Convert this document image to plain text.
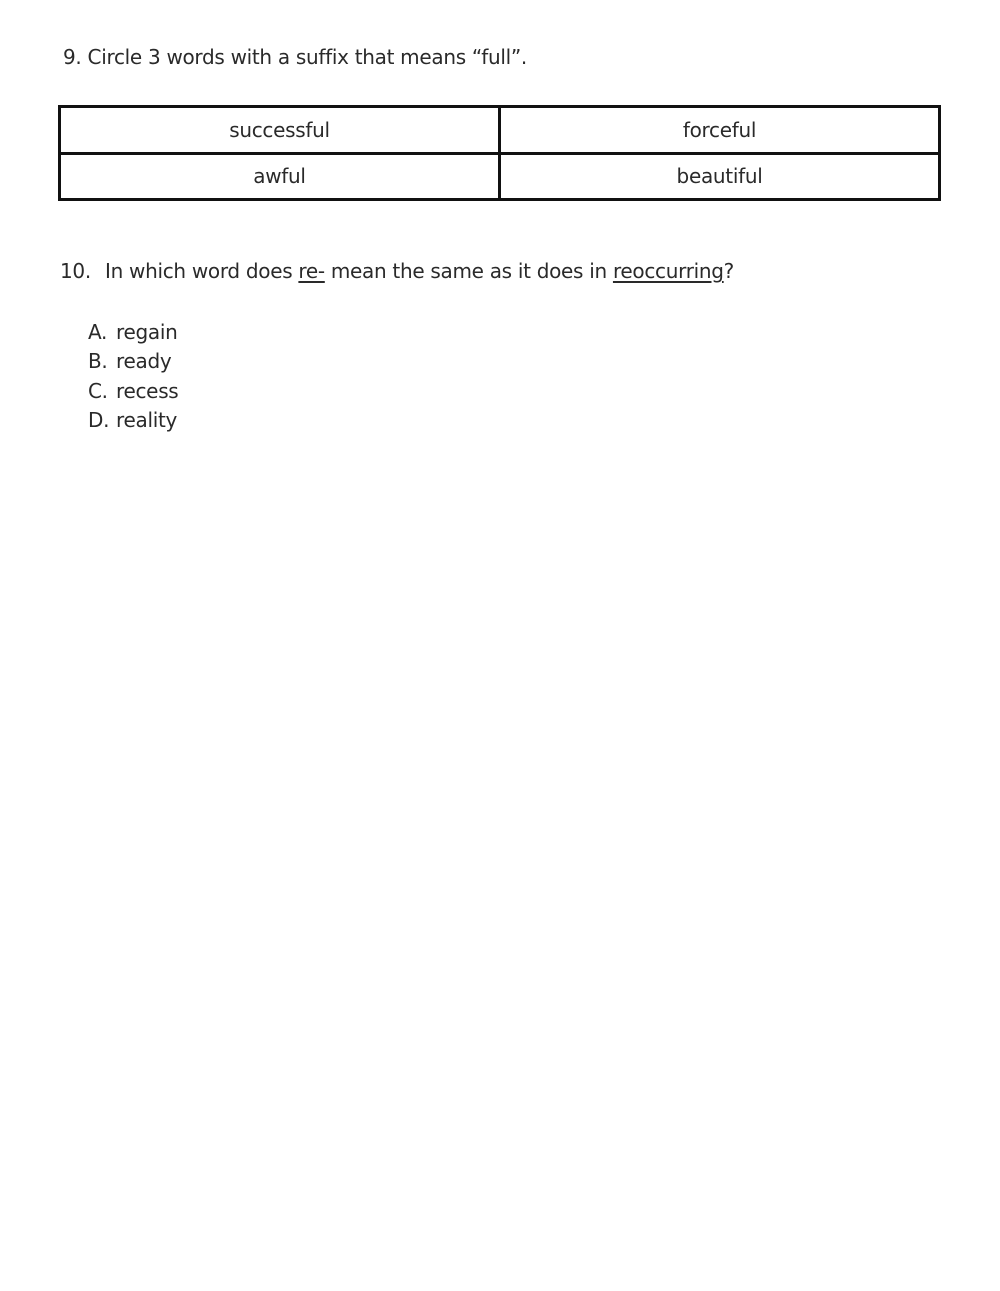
9. Circle 3 words with a suffix that means “full”.
successful	forceful
awful	beautiful
10. In which word does re- mean the same as it does in reoccurring?
A. regain
B. ready
C. recess
D. reality
